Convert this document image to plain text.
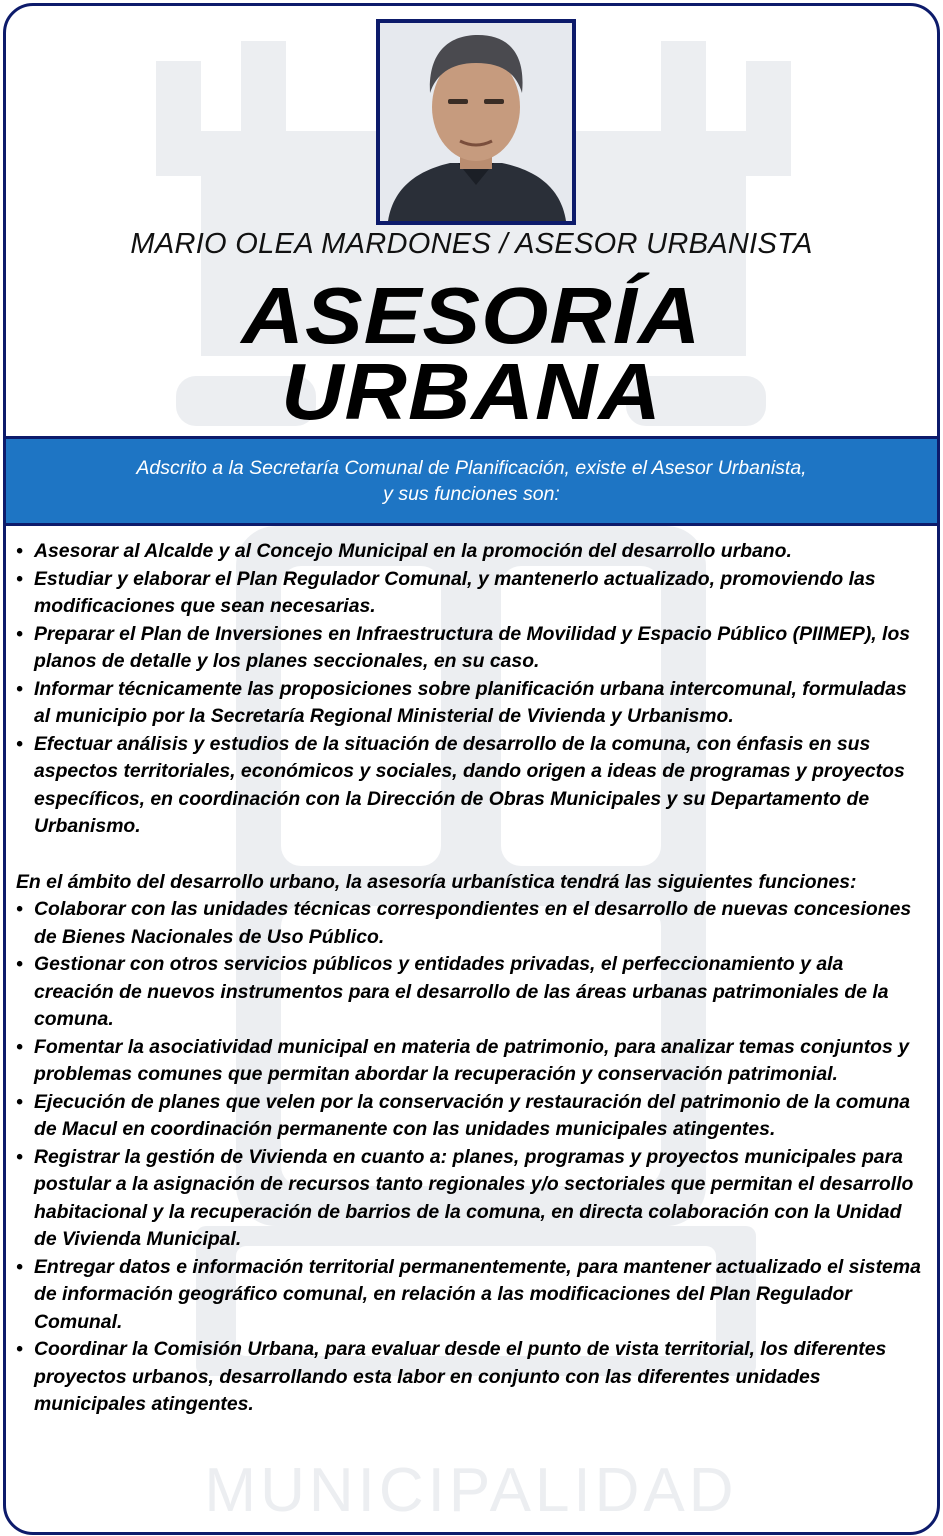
MUNICIPALIDAD
MARIO OLEA MARDONES / ASESOR URBANISTA
ASESORÍA
URBANA
Adscrito a la Secretaría Comunal de Planificación, existe el Asesor Urbanista,
y sus funciones son:
• Asesorar al Alcalde y al Concejo Municipal en la promoción del desarrollo urbano.
• Estudiar y elaborar el Plan Regulador Comunal, y mantenerlo actualizado, promoviendo las modificaciones que sean necesarias.
• Preparar el Plan de Inversiones en Infraestructura de Movilidad y Espacio Público (PIIMEP), los planos de detalle y los planes seccionales, en su caso.
• Informar técnicamente las proposiciones sobre planificación urbana intercomunal, formuladas al municipio por la Secretaría Regional Ministerial de Vivienda y Urbanismo.
• Efectuar análisis y estudios de la situación de desarrollo de la comuna, con énfasis en sus aspectos territoriales, económicos y sociales, dando origen a ideas de programas y proyectos específicos, en coordinación con la Dirección de Obras Municipales y su Departamento de Urbanismo.
En el ámbito del desarrollo urbano, la asesoría urbanística tendrá las siguientes funciones:
• Colaborar con las unidades técnicas correspondientes en el desarrollo de nuevas concesiones de Bienes Nacionales de Uso Público.
• Gestionar con otros servicios públicos y entidades privadas, el perfeccionamiento y ala creación de nuevos instrumentos para el desarrollo de las áreas urbanas patrimoniales de la comuna.
• Fomentar la asociatividad municipal en materia de patrimonio, para analizar temas conjuntos y problemas comunes que permitan abordar la recuperación y conservación patrimonial.
• Ejecución de planes que velen por la conservación y restauración del patrimonio de la comuna de Macul en coordinación permanente con las unidades municipales atingentes.
• Registrar la gestión de Vivienda en cuanto a: planes, programas y proyectos municipales para postular a la asignación de recursos tanto regionales y/o sectoriales que permitan el desarrollo habitacional y la recuperación de barrios de la comuna, en directa colaboración con la Unidad de Vivienda Municipal.
• Entregar datos e información territorial permanentemente, para mantener actualizado el sistema de información geográfico comunal, en relación a las modificaciones del Plan Regulador Comunal.
• Coordinar la Comisión Urbana, para evaluar desde el punto de vista territorial, los diferentes proyectos urbanos, desarrollando esta labor en conjunto con las diferentes unidades municipales atingentes.
